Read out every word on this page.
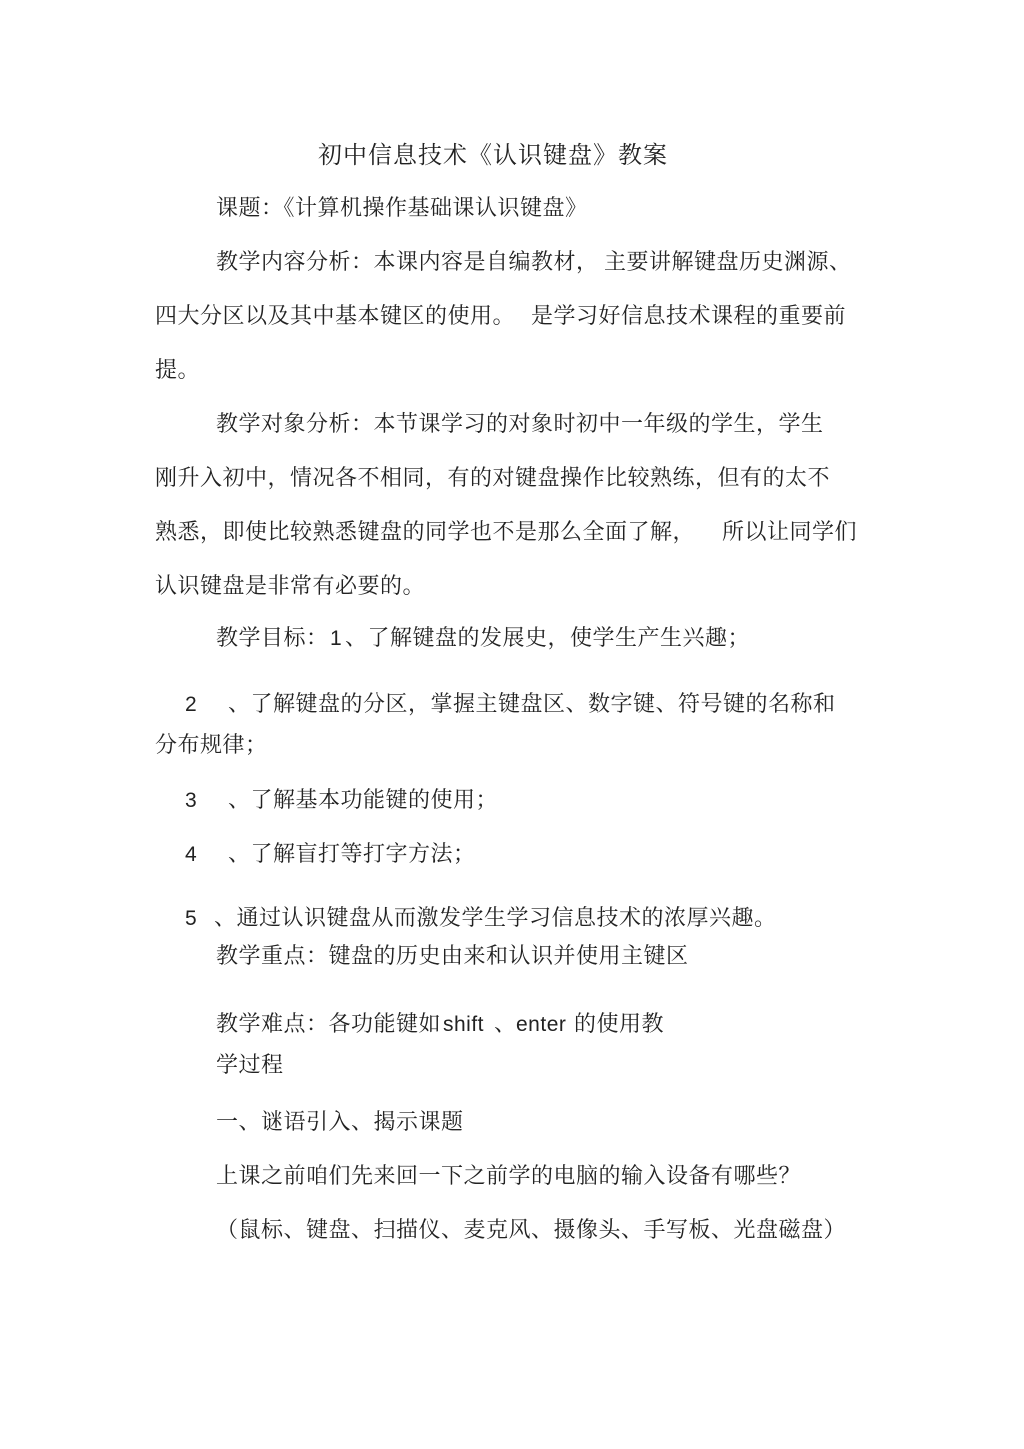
初中信息技术《认识键盘》教案
课题：《计算机操作基础课认识键盘》
教学内容分析：本课内容是自编教材， 主要讲解键盘历史渊源、
四大分区以及其中基本键区的使用。 是学习好信息技术课程的重要前
提。
教学对象分析：本节课学习的对象时初中一年级的学生，学生
刚升入初中，情况各不相同，有的对键盘操作比较熟练，但有的太不
熟悉，即使比较熟悉键盘的同学也不是那么全面了解， 所以让同学们
认识键盘是非常有必要的。
教学目标： 1 、了解键盘的发展史，使学生产生兴趣；
2 、了解键盘的分区，掌握主键盘区、数字键、符号键的名称和
分布规律；
3 、了解基本功能键的使用；
4 、了解盲打等打字方法；
5 、通过认识键盘从而激发学生学习信息技术的浓厚兴趣。
教学重点：键盘的历史由来和认识并使用主键区
教学难点：各功能键如 shift 、 enter 的使用教
学过程
一、谜语引入、揭示课题
上课之前咱们先来回一下之前学的电脑的输入设备有哪些？
（鼠标、键盘、扫描仪、麦克风、摄像头、手写板、光盘磁盘）
